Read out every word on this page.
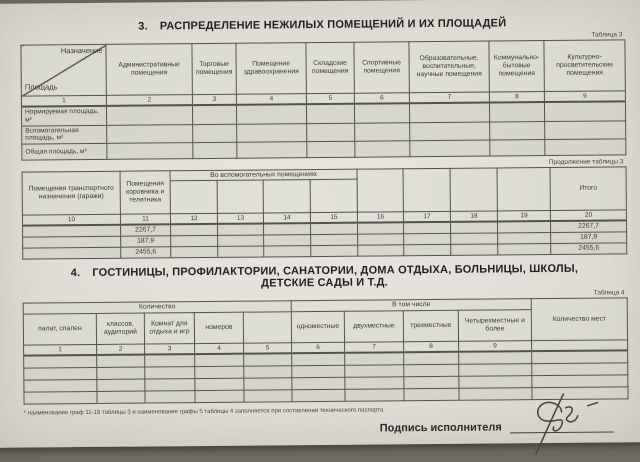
3. РАСПРЕДЕЛЕНИЕ НЕЖИЛЫХ ПОМЕЩЕНИЙ И ИХ ПЛОЩАДЕЙ
Таблица 3
Назначение
Площадь	Административные помещения	Торговые помещения	Помещение здравоохранения	Складские помещения	Спортивные помещения	Образовательные, воспитательные, научные помещения	Коммунально-бытовые помещения	Культурно-просветительские помещения
1	2	3	4	5	6	7	8	9
Нормируемая площадь, м²								
Вспомогательная площадь, м²								
Общая площадь, м²								
Продолжение таблицы 3
Помещения транспортного назначения (гаражи)	Помещения коровника и телятника	Во вспомогательных помещениях								Итого

10	11	12	13	14	15	16	17	18	19	20
	2267,7									2267,7
	187,9									187,9
	2455,6									2455,6
4. ГОСТИНИЦЫ, ПРОФИЛАКТОРИИ, САНАТОРИИ, ДОМА ОТДЫХА, БОЛЬНИЦЫ, ШКОЛЫ,
ДЕТСКИЕ САДЫ И Т.Д.
Таблица 4
Количество					В том числе				Количество мест
палат, спален	классов, аудиторий	Комнат для отдыха и игр	номеров		одноместные	двухместные	трехместные	Четырехместные и более	
1	2	3	4	5	6	7	8	9	

* наименование граф 11-19 таблицы 3 и наименование графы 5 таблицы 4 заполняется при составлении технического паспорта
Подпись исполнителя
